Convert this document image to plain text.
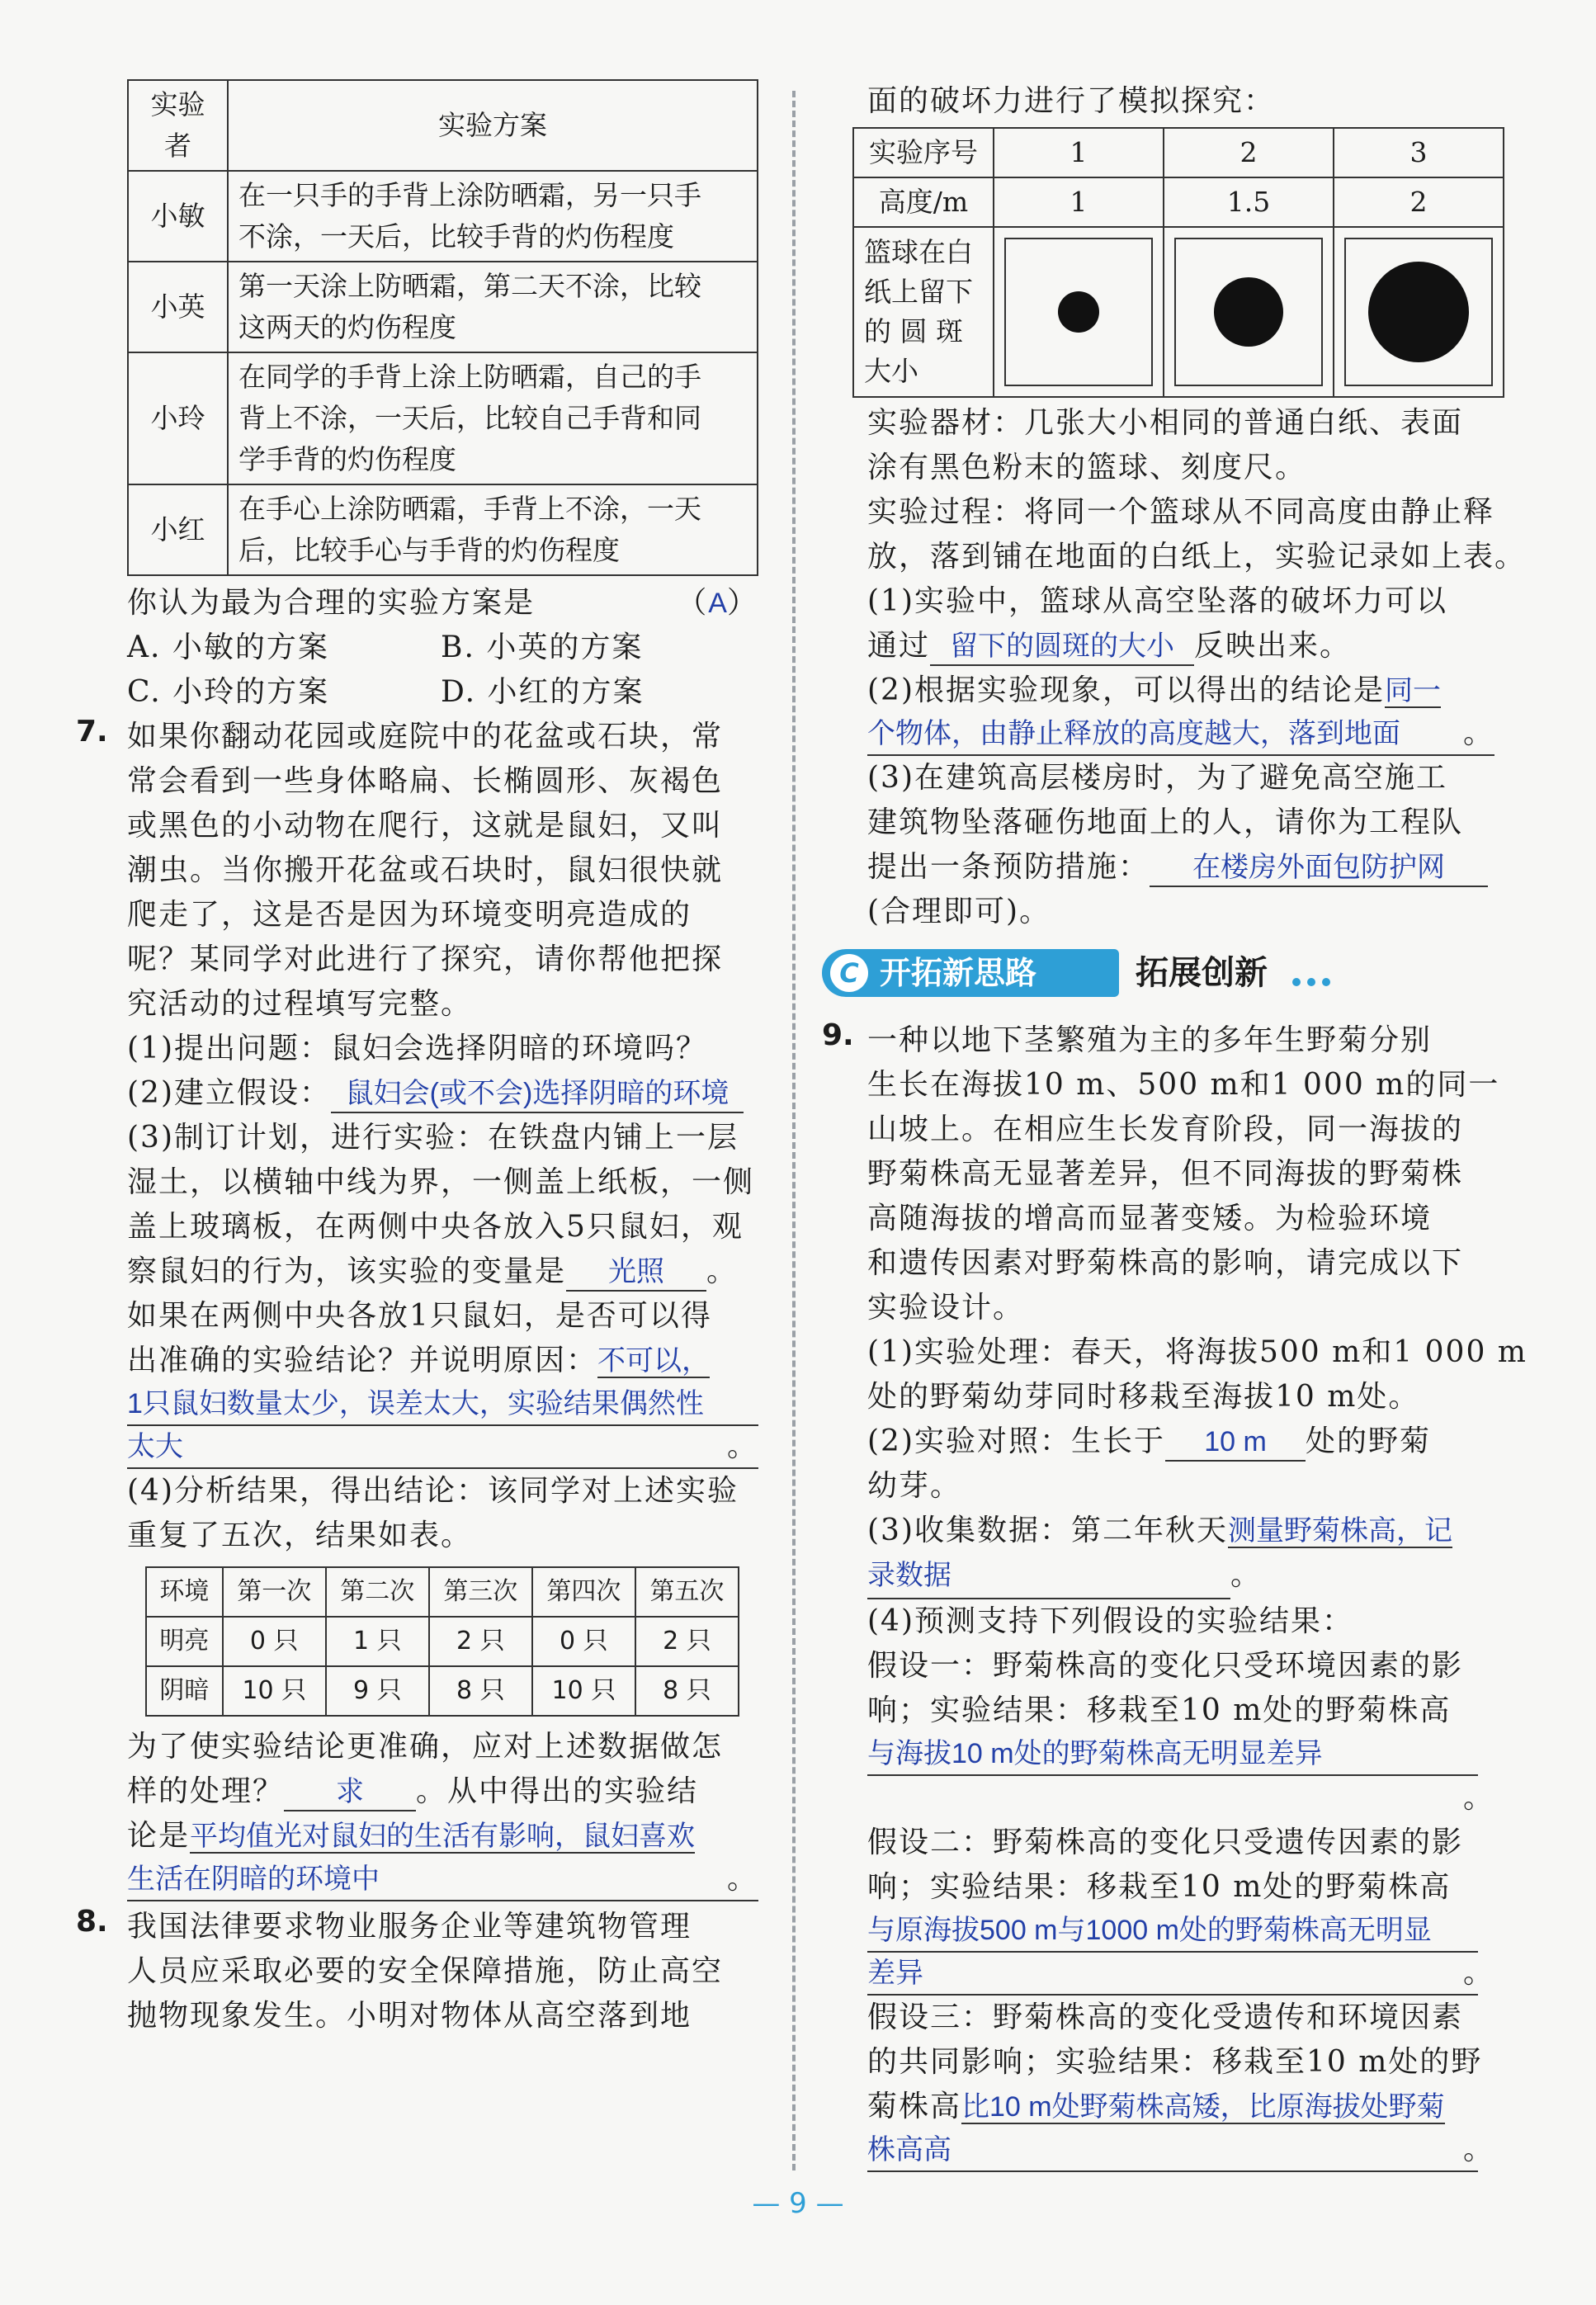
实验者	实验方案
小敏	在一只手的手背上涂防晒霜，另一只手
不涂，一天后，比较手背的灼伤程度

小英	第一天涂上防晒霜，第二天不涂，比较
这两天的灼伤程度

小玲	在同学的手背上涂上防晒霜，自己的手
背上不涂，一天后，比较自己手背和同
学手背的灼伤程度

小红	在手心上涂防晒霜，手背上不涂，一天
后，比较手心与手背的灼伤程度

你认为最为合理的实验方案是	（A）

A. 小敏的方案	B. 小英的方案

C. 小玲的方案	D. 小红的方案

7. 如果你翻动花园或庭院中的花盆或石块，常

常会看到一些身体略扁、长椭圆形、灰褐色

或黑色的小动物在爬行，这就是鼠妇，又叫

潮虫。当你搬开花盆或石块时，鼠妇很快就

爬走了，这是否是因为环境变明亮造成的

呢？某同学对此进行了探究，请你帮他把探

究活动的过程填写完整。

(1)提出问题：鼠妇会选择阴暗的环境吗？

(2)建立假设： 鼠妇会(或不会)选择阴暗的环境

(3)制订计划，进行实验：在铁盘内铺上一层

湿土，以横轴中线为界，一侧盖上纸板，一侧

盖上玻璃板，在两侧中央各放入5只鼠妇，观

察鼠妇的行为，该实验的变量是 光照 。

如果在两侧中央各放1只鼠妇，是否可以得

出准确的实验结论？并说明原因：不可以，

1只鼠妇数量太少，误差太大，实验结果偶然性

太大	。

(4)分析结果，得出结论：该同学对上述实验

重复了五次，结果如表。

环境	第一次	第二次	第三次	第四次	第五次
明亮	0 只	1 只	2 只	0 只	2 只
阴暗	10 只	9 只	8 只	10 只	8 只

为了使实验结论更准确，应对上述数据做怎

样的处理？ 求 。从中得出的实验结

论是平均值光对鼠妇的生活有影响，鼠妇喜欢

生活在阴暗的环境中	。

8. 我国法律要求物业服务企业等建筑物管理

人员应采取必要的安全保障措施，防止高空

抛物现象发生。小明对物体从高空落到地

面的破坏力进行了模拟探究：

实验序号	1	2	3
高度/m	1	1.5	2

篮球在白
纸上留下
的 圆 斑
大小			

实验器材：几张大小相同的普通白纸、表面

涂有黑色粉末的篮球、刻度尺。

实验过程：将同一个篮球从不同高度由静止释

放，落到铺在地面的白纸上，实验记录如上表。

(1)实验中，篮球从高空坠落的破坏力可以

通过 留下的圆斑的大小 反映出来。

(2)根据实验现象，可以得出的结论是同一

个物体，由静止释放的高度越大，落到地面 。

(3)在建筑高层楼房时，为了避免高空施工

建筑物坠落砸伤地面上的人，请你为工程队

提出一条预防措施： 在楼房外面包防护网

(合理即可)。

C 开拓新思路	拓展创新
9. 一种以地下茎繁殖为主的多年生野菊分别

生长在海拔10 m、500 m和1 000 m的同一

山坡上。在相应生长发育阶段，同一海拔的

野菊株高无显著差异，但不同海拔的野菊株

高随海拔的增高而显著变矮。为检验环境

和遗传因素对野菊株高的影响，请完成以下

实验设计。

(1)实验处理：春天，将海拔500 m和1 000 m

处的野菊幼芽同时移栽至海拔10 m处。

(2)实验对照：生长于 10 m 处的野菊

幼芽。

(3)收集数据：第二年秋天测量野菊株高，记

录数据	。

(4)预测支持下列假设的实验结果：

假设一：野菊株高的变化只受环境因素的影

响；实验结果：移栽至10 m处的野菊株高

与海拔10 m处的野菊株高无明显差异

。

假设二：野菊株高的变化只受遗传因素的影

响；实验结果：移栽至10 m处的野菊株高

与原海拔500 m与1000 m处的野菊株高无明显

差异	。

假设三：野菊株高的变化受遗传和环境因素

的共同影响；实验结果：移栽至10 m处的野

菊株高比10 m处野菊株高矮，比原海拔处野菊

株高高	。

— 9 —
